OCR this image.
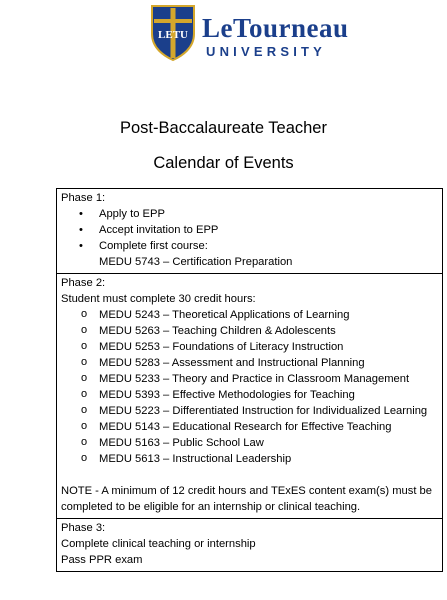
LETU LeTourneau
UNIVERSITY
Post-Baccalaureate Teacher
Calendar of Events
Phase 1:
• Apply to EPP
• Accept invitation to EPP
• Complete first course:
MEDU 5743 – Certification Preparation
Phase 2:
Student must complete 30 credit hours:
o MEDU 5243 – Theoretical Applications of Learning
o MEDU 5263 – Teaching Children & Adolescents
o MEDU 5253 – Foundations of Literacy Instruction
o MEDU 5283 – Assessment and Instructional Planning
o MEDU 5233 – Theory and Practice in Classroom Management
o MEDU 5393 – Effective Methodologies for Teaching
o MEDU 5223 – Differentiated Instruction for Individualized Learning
o MEDU 5143 – Educational Research for Effective Teaching
o MEDU 5163 – Public School Law
o MEDU 5613 – Instructional Leadership
NOTE - A minimum of 12 credit hours and TExES content exam(s) must be completed to be eligible for an internship or clinical teaching.
Phase 3:
Complete clinical teaching or internship
Pass PPR exam
